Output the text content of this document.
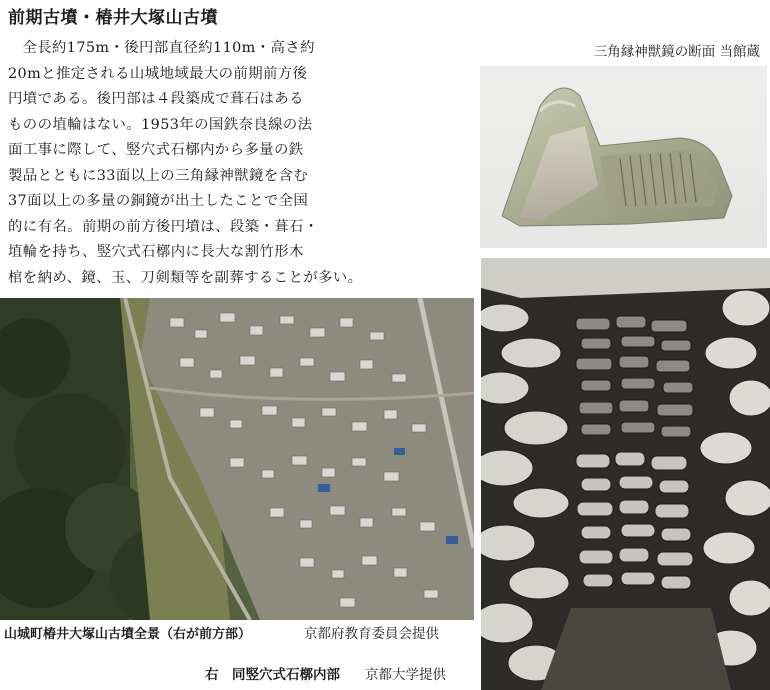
前期古墳・椿井大塚山古墳
全長約175m・後円部直径約110m・高さ約
20mと推定される山城地域最大の前期前方後
円墳である。後円部は４段築成で葺石はある
ものの埴輪はない。1953年の国鉄奈良線の法
面工事に際して、竪穴式石槨内から多量の鉄
製品とともに33面以上の三角縁神獣鏡を含む
37面以上の多量の銅鏡が出土したことで全国
的に有名。前期の前方後円墳は、段築・葺石・
埴輪を持ち、竪穴式石槨内に長大な割竹形木
棺を納め、鏡、玉、刀剣類等を副葬することが多い。
三角縁神獣鏡の断面 当館蔵
山城町椿井大塚山古墳全景（右が前方部）	京都府教育委員会提供
右　同竪穴式石槨内部 京都大学提供
